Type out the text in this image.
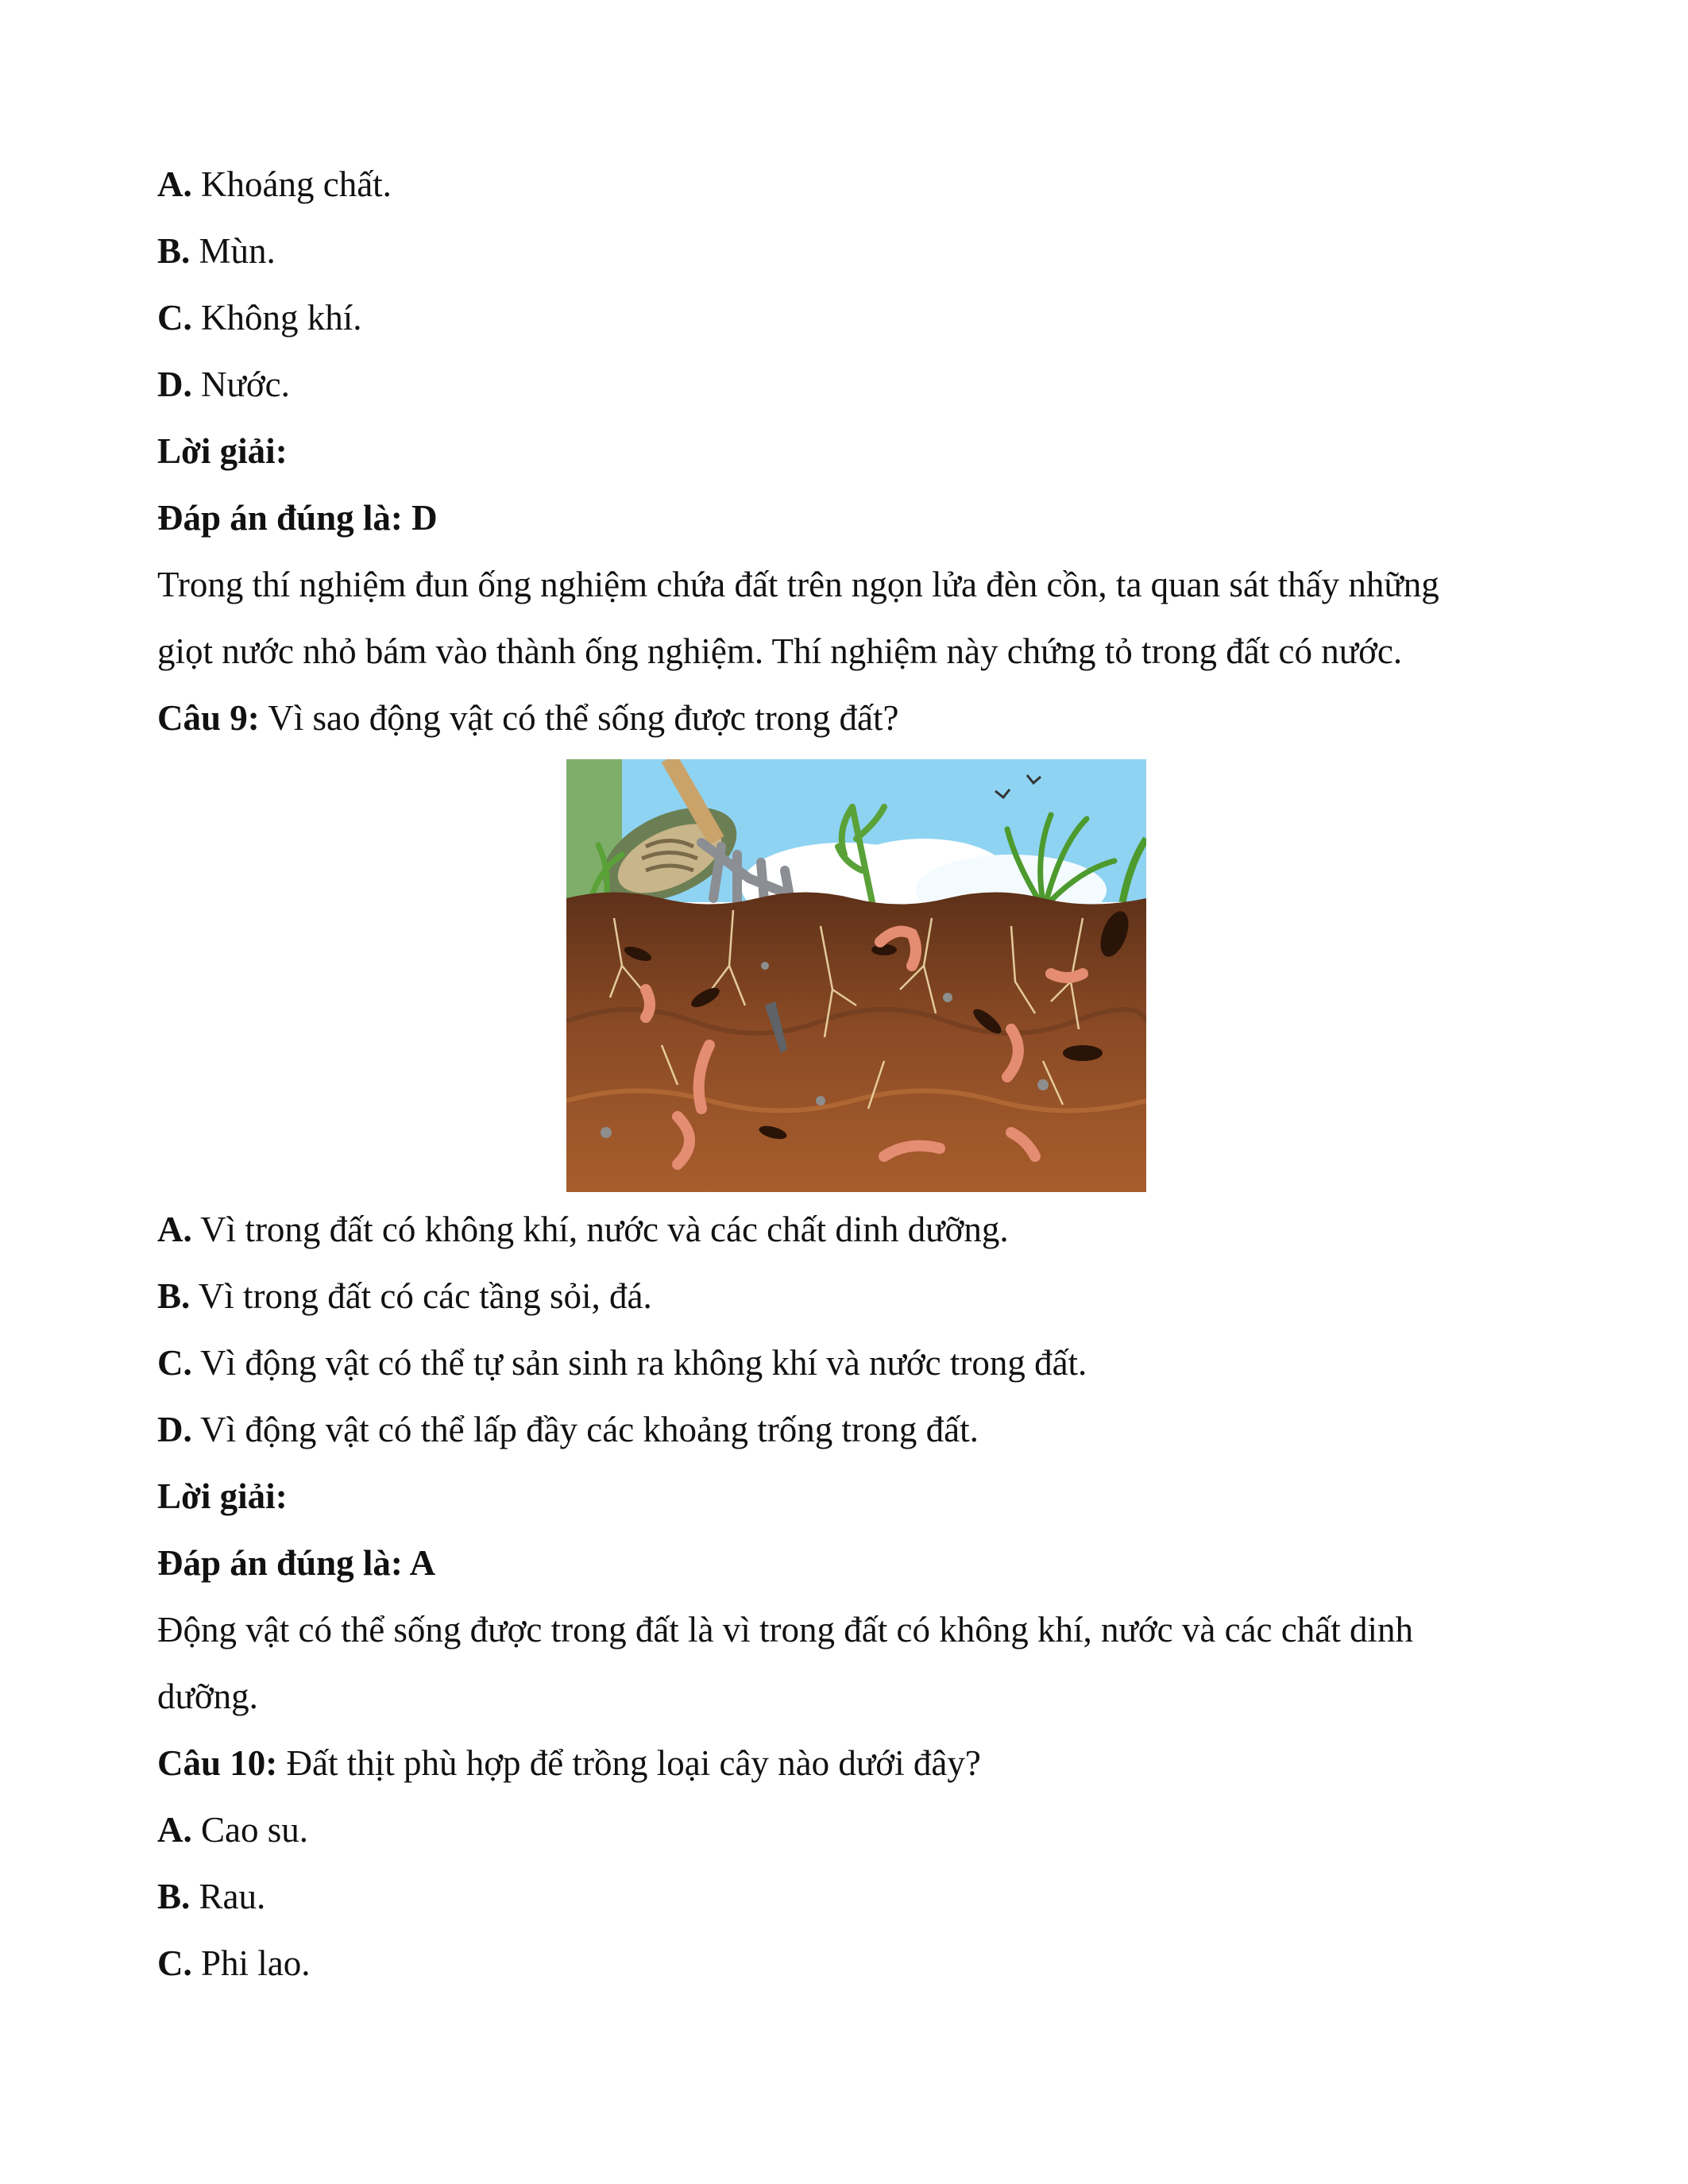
A. Khoáng chất.
B. Mùn.
C. Không khí.
D. Nước.
Lời giải:
Đáp án đúng là: D
Trong thí nghiệm đun ống nghiệm chứa đất trên ngọn lửa đèn cồn, ta quan sát thấy những
giọt nước nhỏ bám vào thành ống nghiệm. Thí nghiệm này chứng tỏ trong đất có nước.
Câu 9: Vì sao động vật có thể sống được trong đất?
A. Vì trong đất có không khí, nước và các chất dinh dưỡng.
B. Vì trong đất có các tầng sỏi, đá.
C. Vì động vật có thể tự sản sinh ra không khí và nước trong đất.
D. Vì động vật có thể lấp đầy các khoảng trống trong đất.
Lời giải:
Đáp án đúng là: A
Động vật có thể sống được trong đất là vì trong đất có không khí, nước và các chất dinh
dưỡng.
Câu 10: Đất thịt phù hợp để trồng loại cây nào dưới đây?
A. Cao su.
B. Rau.
C. Phi lao.
